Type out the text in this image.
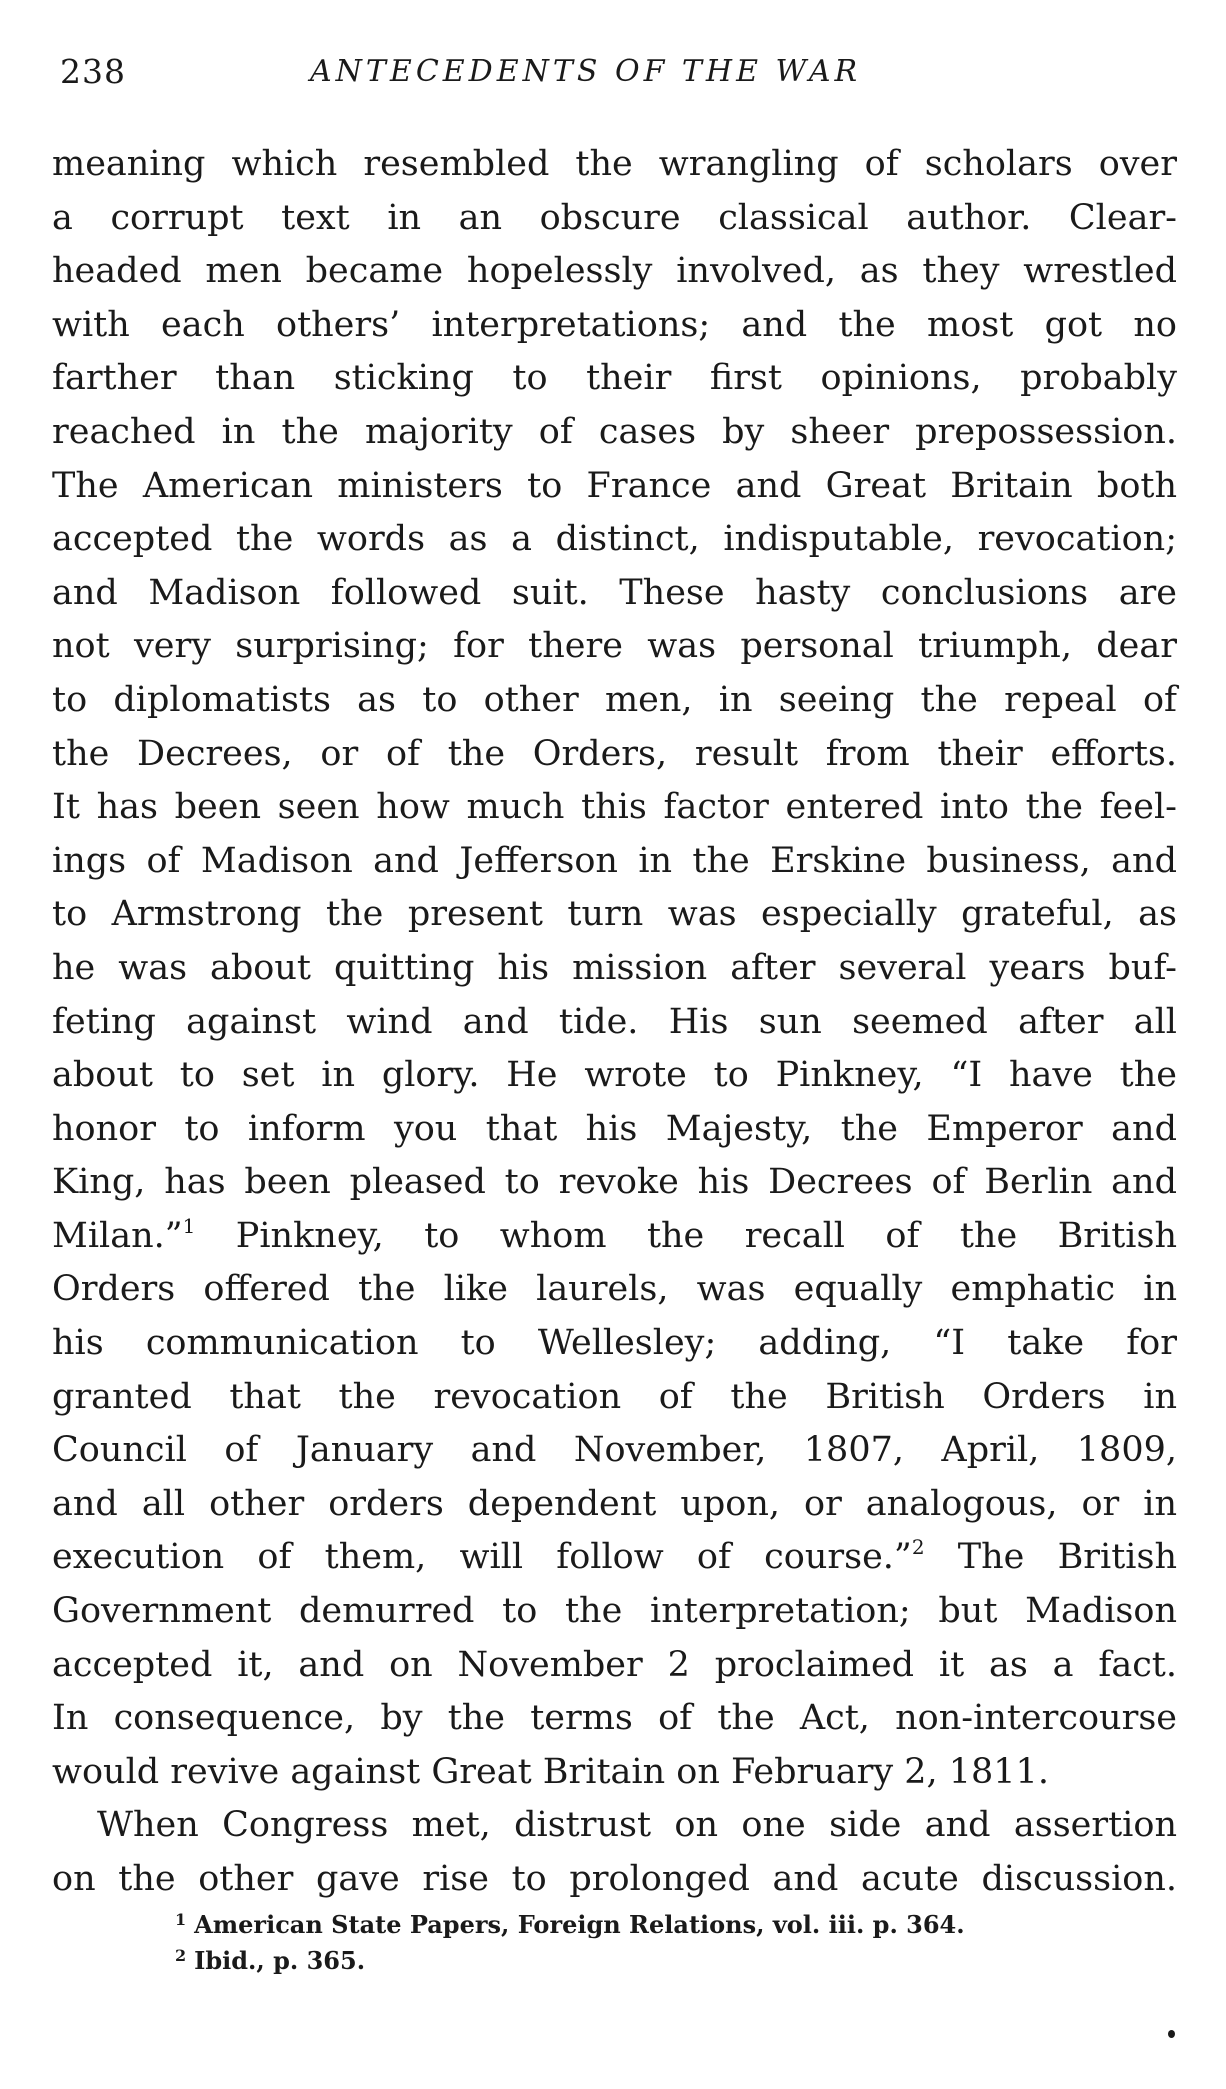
238	ANTECEDENTS OF THE WAR
meaning which resembled the wrangling of scholars over
a corrupt text in an obscure classical author. Clear-
headed men became hopelessly involved, as they wrestled
with each others’ interpretations; and the most got no
farther than sticking to their first opinions, probably
reached in the majority of cases by sheer prepossession.
The American ministers to France and Great Britain both
accepted the words as a distinct, indisputable, revocation;
and Madison followed suit. These hasty conclusions are
not very surprising; for there was personal triumph, dear
to diplomatists as to other men, in seeing the repeal of
the Decrees, or of the Orders, result from their efforts.
It has been seen how much this factor entered into the feel-
ings of Madison and Jefferson in the Erskine business, and
to Armstrong the present turn was especially grateful, as
he was about quitting his mission after several years buf-
feting against wind and tide. His sun seemed after all
about to set in glory. He wrote to Pinkney, “I have the
honor to inform you that his Majesty, the Emperor and
King, has been pleased to revoke his Decrees of Berlin and
Milan.”$^1$ Pinkney, to whom the recall of the British
Orders offered the like laurels, was equally emphatic in
his communication to Wellesley; adding, “I take for
granted that the revocation of the British Orders in
Council of January and November, 1807, April, 1809,
and all other orders dependent upon, or analogous, or in
execution of them, will follow of course.”$^2$ The British
Government demurred to the interpretation; but Madison
accepted it, and on November 2 proclaimed it as a fact.
In consequence, by the terms of the Act, non-intercourse
would revive against Great Britain on February 2, 1811.
When Congress met, distrust on one side and assertion
on the other gave rise to prolonged and acute discussion.
$^1$ American State Papers, Foreign Relations, vol. iii. p. 364.
$^2$ Ibid., p. 365.
